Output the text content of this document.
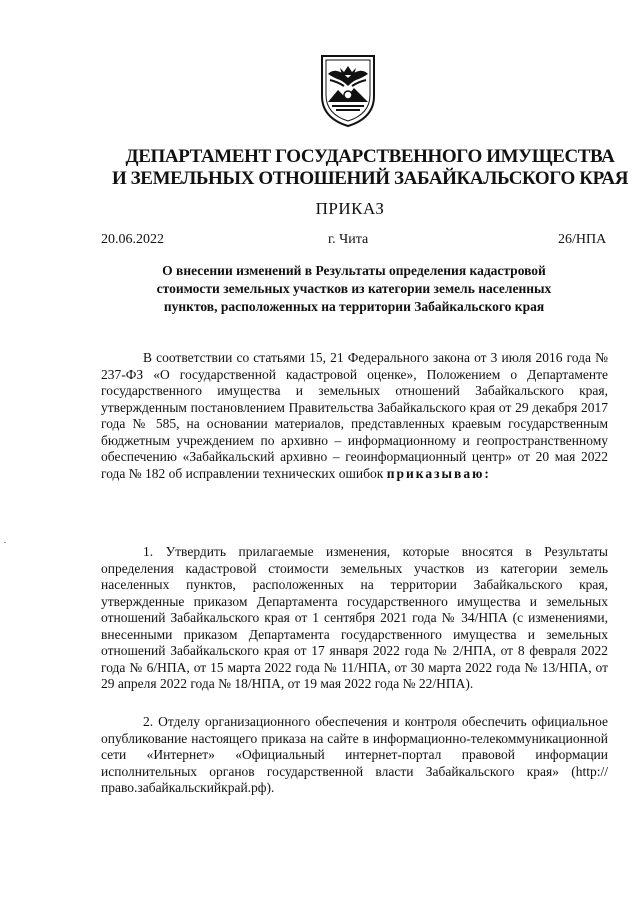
ДЕПАРТАМЕНТ ГОСУДАРСТВЕННОГО ИМУЩЕСТВА
И ЗЕМЕЛЬНЫХ ОТНОШЕНИЙ ЗАБАЙКАЛЬСКОГО КРАЯ
ПРИКАЗ
20.06.2022	г. Чита	26/НПА
О внесении изменений в Результаты определения кадастровой
стоимости земельных участков из категории земель населенных
пунктов, расположенных на территории Забайкальского края

В соответствии со статьями 15, 21 Федерального закона от 3 июля 2016 года № 237-ФЗ «О государственной кадастровой оценке», Положением о Департаменте государственного имущества и земельных отношений Забайкальского края, утвержденным постановлением Правительства Забайкальского края от 29 декабря 2017 года № 585, на основании материалов, представленных краевым государственным бюджетным учреждением по архивно – информационному и геопространственному обеспечению «Забайкальский архивно – геоинформационный центр» от 20 мая 2022 года № 182 об исправлении технических ошибок приказываю:

1. Утвердить прилагаемые изменения, которые вносятся в Результаты определения кадастровой стоимости земельных участков из категории земель населенных пунктов, расположенных на территории Забайкальского края, утвержденные приказом Департамента государственного имущества и земельных отношений Забайкальского края от 1 сентября 2021 года № 34/НПА (с изменениями, внесенными приказом Департамента государственного имущества и земельных отношений Забайкальского края от 17 января 2022 года № 2/НПА, от 8 февраля 2022 года № 6/НПА, от 15 марта 2022 года № 11/НПА, от 30 марта 2022 года № 13/НПА, от 29 апреля 2022 года № 18/НПА, от 19 мая 2022 года № 22/НПА).

2. Отделу организационного обеспечения и контроля обеспечить официальное опубликование настоящего приказа на сайте в информационно-телекоммуникационной сети «Интернет» «Официальный интернет-портал правовой информации исполнительных органов государственной власти Забайкальского края» (http://право.забайкальскийкрай.рф).
